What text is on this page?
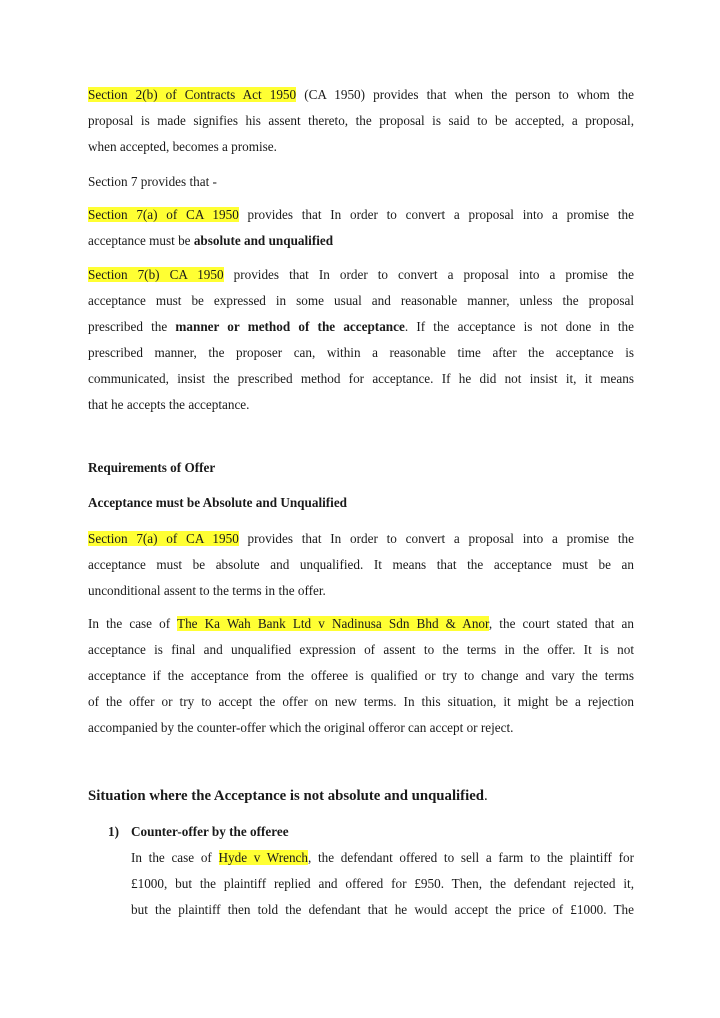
Section 2(b) of Contracts Act 1950 (CA 1950) provides that when the person to whom the
proposal is made signifies his assent thereto, the proposal is said to be accepted, a proposal,
when accepted, becomes a promise.
Section 7 provides that -
Section 7(a) of CA 1950 provides that In order to convert a proposal into a promise the
acceptance must be absolute and unqualified
Section 7(b) CA 1950 provides that In order to convert a proposal into a promise the
acceptance must be expressed in some usual and reasonable manner, unless the proposal
prescribed the manner or method of the acceptance. If the acceptance is not done in the
prescribed manner, the proposer can, within a reasonable time after the acceptance is
communicated, insist the prescribed method for acceptance. If he did not insist it, it means
that he accepts the acceptance.
Requirements of Offer
Acceptance must be Absolute and Unqualified
Section 7(a) of CA 1950 provides that In order to convert a proposal into a promise the
acceptance must be absolute and unqualified. It means that the acceptance must be an
unconditional assent to the terms in the offer.
In the case of The Ka Wah Bank Ltd v Nadinusa Sdn Bhd & Anor, the court stated that an
acceptance is final and unqualified expression of assent to the terms in the offer. It is not
acceptance if the acceptance from the offeree is qualified or try to change and vary the terms
of the offer or try to accept the offer on new terms. In this situation, it might be a rejection
accompanied by the counter-offer which the original offeror can accept or reject.
Situation where the Acceptance is not absolute and unqualified.
1) Counter-offer by the offeree
In the case of Hyde v Wrench, the defendant offered to sell a farm to the plaintiff for
£1000, but the plaintiff replied and offered for £950. Then, the defendant rejected it,
but the plaintiff then told the defendant that he would accept the price of £1000. The
